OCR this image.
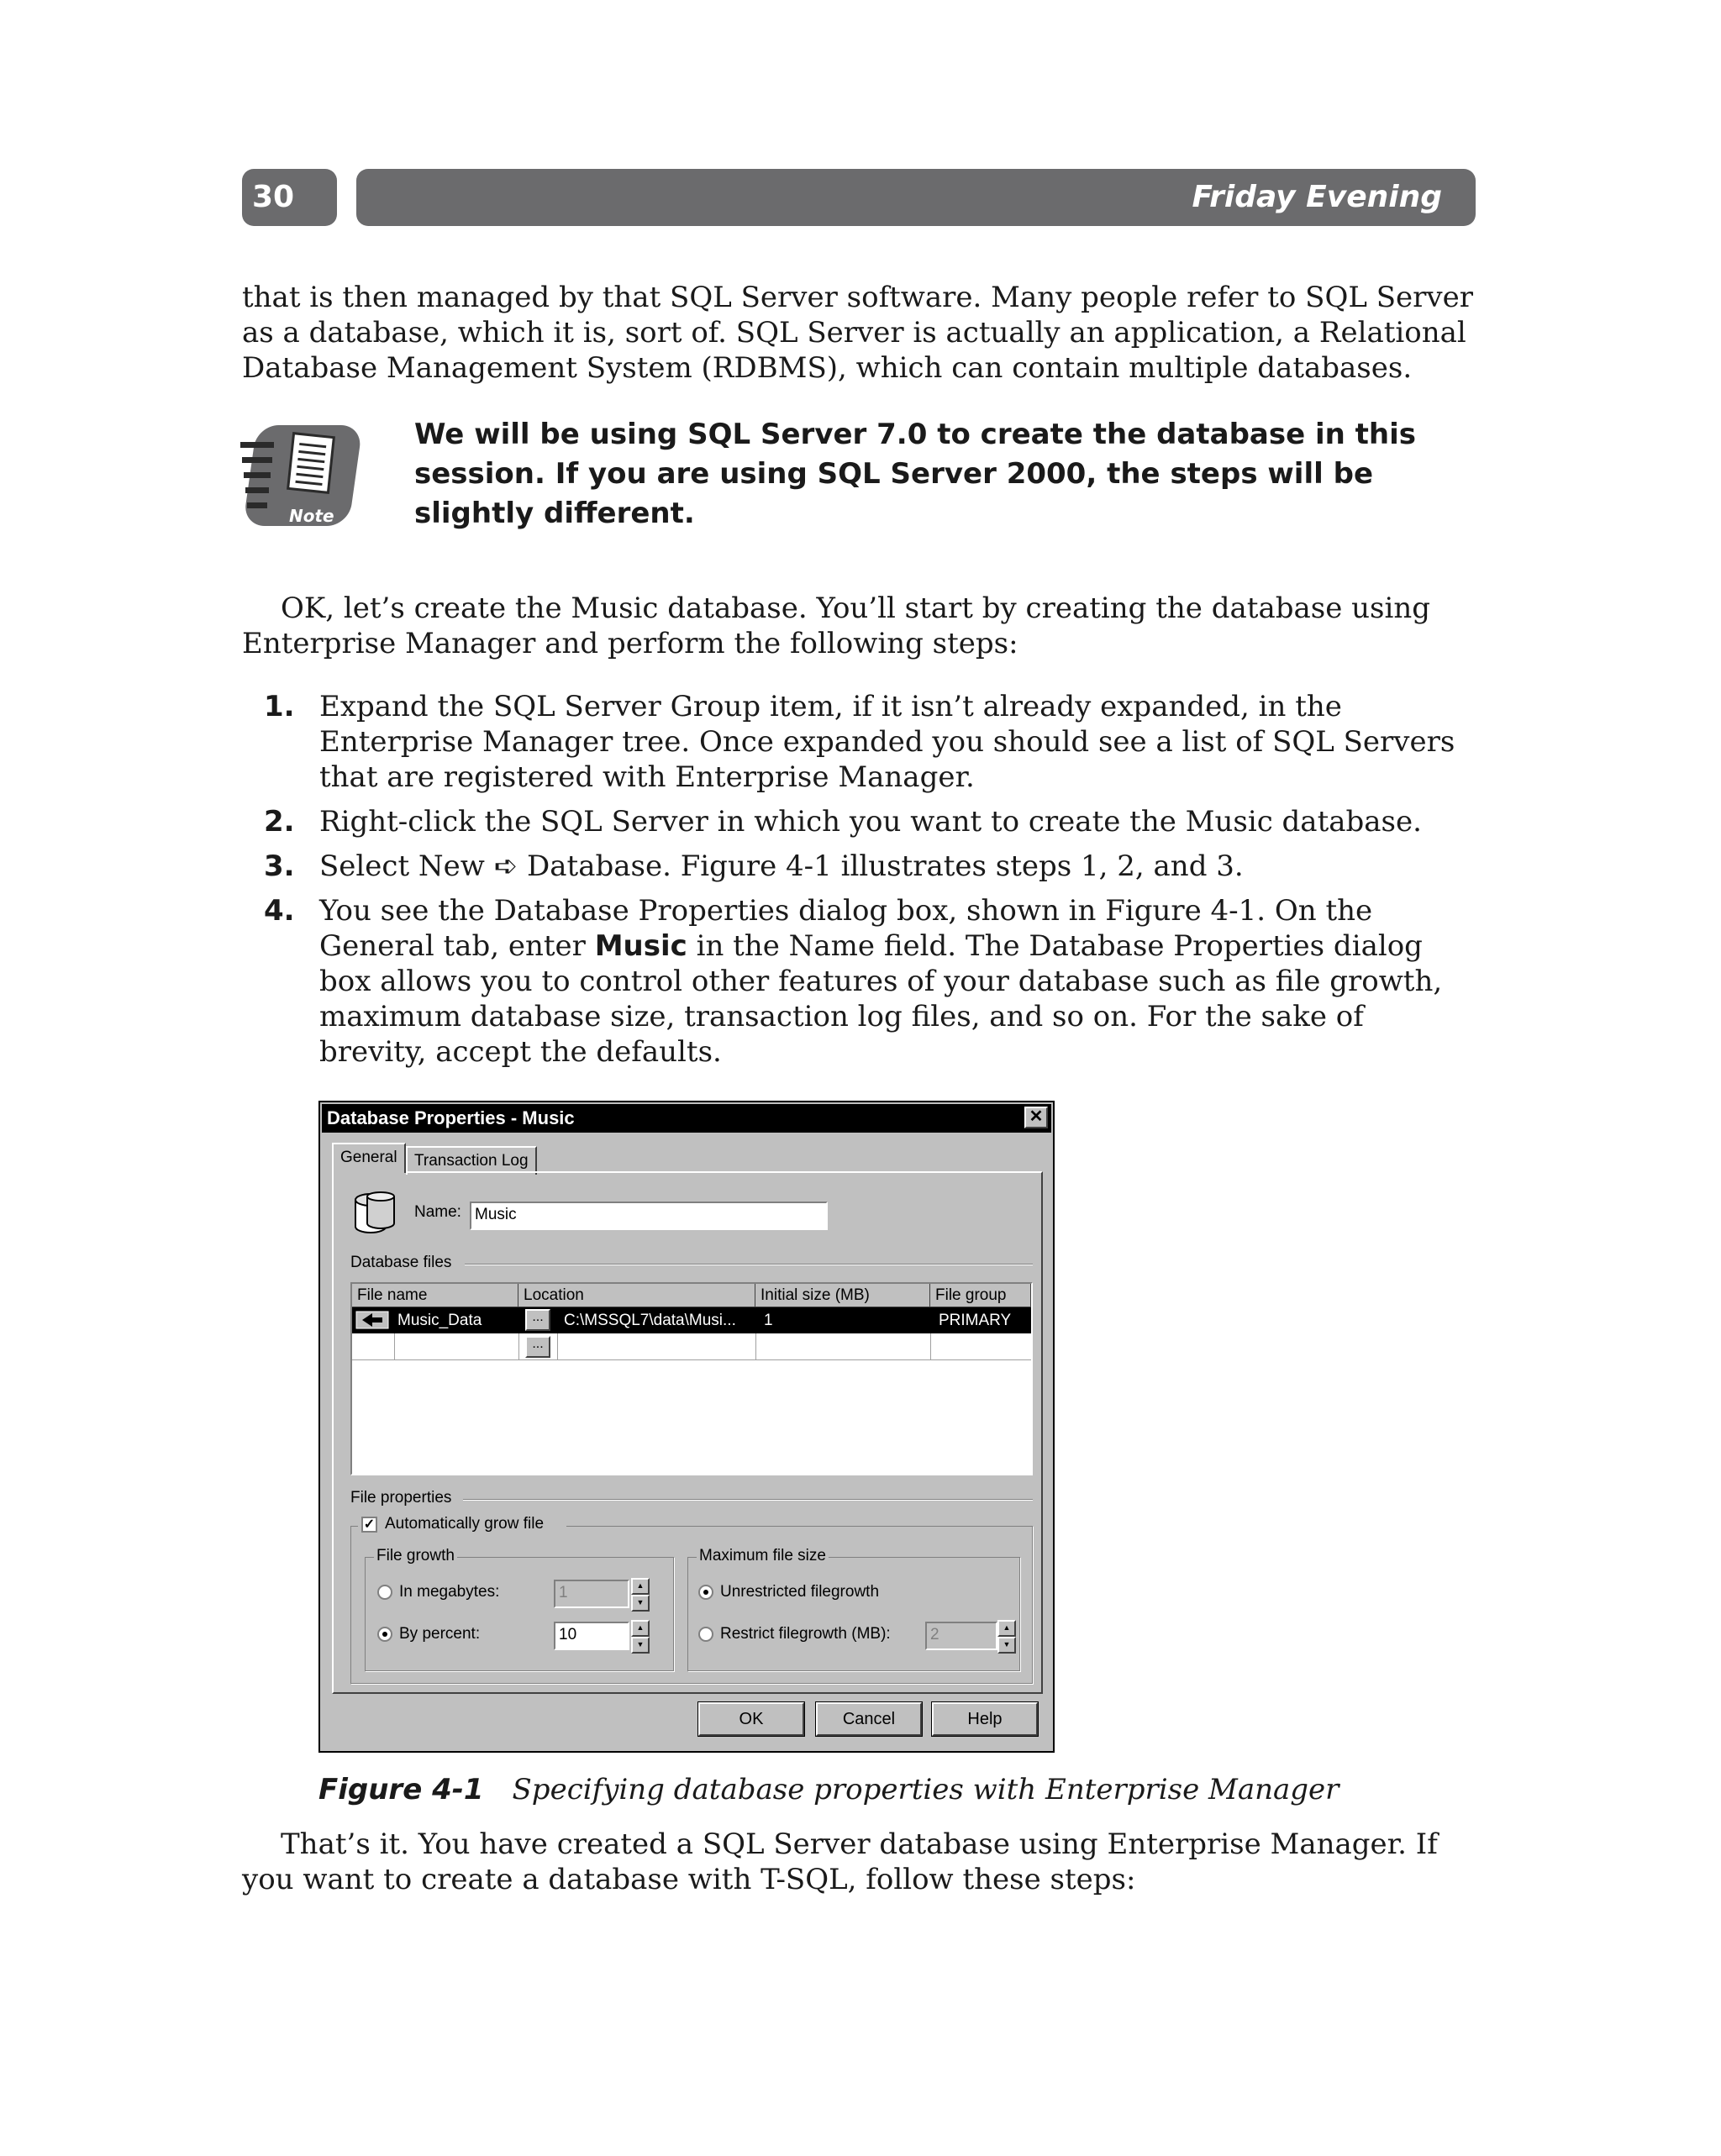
30	Friday Evening
that is then managed by that SQL Server software. Many people refer to SQL Server as a database, which it is, sort of. SQL Server is actually an application, a Relational Database Management System (RDBMS), which can contain multiple databases.
Note
We will be using SQL Server 7.0 to create the database in this session. If you are using SQL Server 2000, the steps will be slightly different.
OK, let’s create the Music database. You’ll start by creating the database using Enterprise Manager and perform the following steps:
1. Expand the SQL Server Group item, if it isn’t already expanded, in the Enterprise Manager tree. Once expanded you should see a list of SQL Servers that are registered with Enterprise Manager.
2. Right-click the SQL Server in which you want to create the Music database.
3. Select New ➪ Database. Figure 4-1 illustrates steps 1, 2, and 3.
4. You see the Database Properties dialog box, shown in Figure 4-1. On the General tab, enter Music in the Name field. The Database Properties dialog box allows you to control other features of your database such as file growth, maximum database size, transaction log files, and so on. For the sake of brevity, accept the defaults.
Database Properties - Music	✕
General	Transaction Log
Name: Music
Database files
File name	Location	Initial size (MB)	File group
Music_Data	...	C:\MSSQL7\data\Musi... 1	PRIMARY
...
File properties
✓ Automatically grow file
File growth
In megabytes:	1	▲
▼
By percent:	10	▲
▼
Maximum file size
Unrestricted filegrowth
Restrict filegrowth (MB):	2	▲
▼
OK	Cancel	Help
Figure 4-1 Specifying database properties with Enterprise Manager
That’s it. You have created a SQL Server database using Enterprise Manager. If you want to create a database with T-SQL, follow these steps:
